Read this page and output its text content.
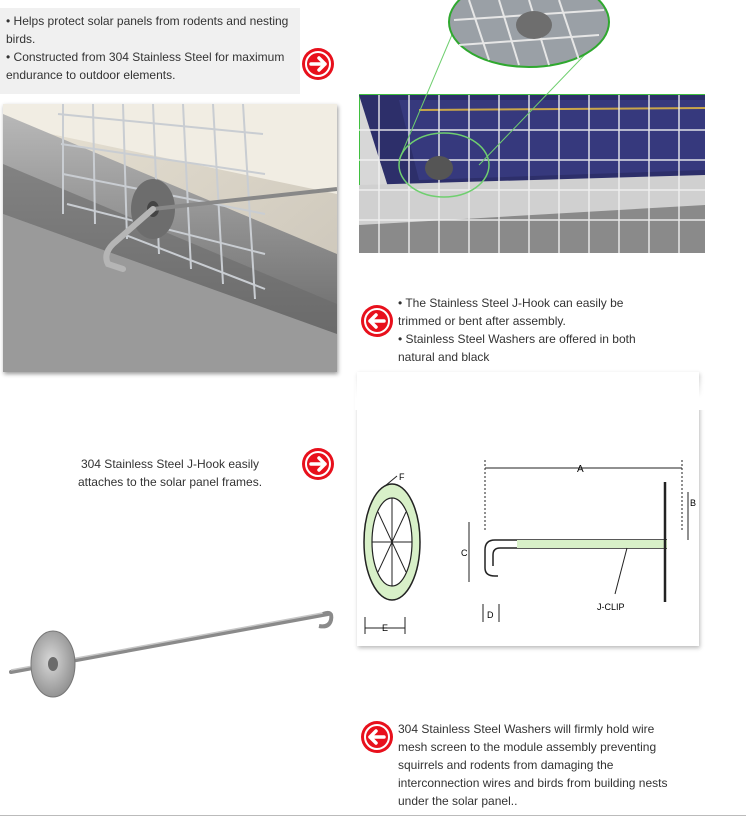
• Helps protect solar panels from rodents and nesting birds.
• Constructed from 304 Stainless Steel for maximum endurance to outdoor elements.
• The Stainless Steel J-Hook can easily be trimmed or bent after assembly.
• Stainless Steel Washers are offered in both natural and black
F
E
A
B
C
D
J-CLIP
304 Stainless Steel J-Hook easily attaches to the solar panel frames.
304 Stainless Steel Washers will firmly hold wire mesh screen to the module assembly preventing squirrels and rodents from damaging the interconnection wires and birds from building nests under the solar panel..
